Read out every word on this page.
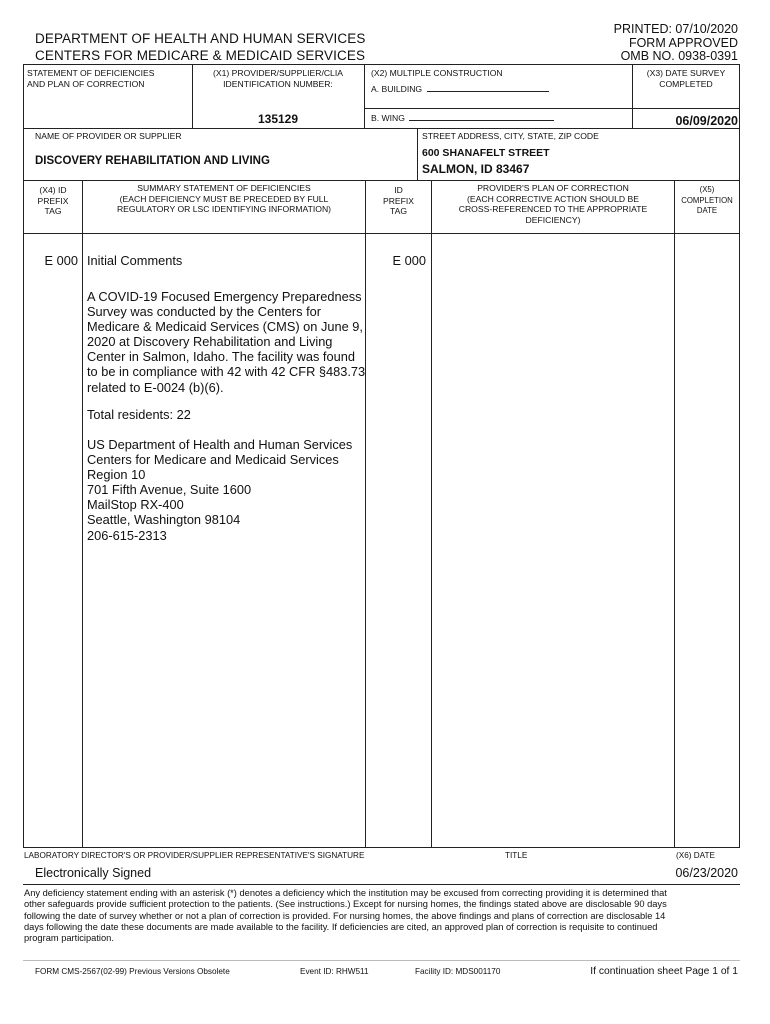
PRINTED: 07/10/2020
FORM APPROVED
OMB NO. 0938-0391
DEPARTMENT OF HEALTH AND HUMAN SERVICES
CENTERS FOR MEDICARE & MEDICAID SERVICES
STATEMENT OF DEFICIENCIES
AND PLAN OF CORRECTION
(X1) PROVIDER/SUPPLIER/CLIA
IDENTIFICATION NUMBER:
135129
(X2) MULTIPLE CONSTRUCTION
A. BUILDING
B. WING
(X3) DATE SURVEY
COMPLETED
06/09/2020
NAME OF PROVIDER OR SUPPLIER
DISCOVERY REHABILITATION AND LIVING
STREET ADDRESS, CITY, STATE, ZIP CODE
600 SHANAFELT STREET
SALMON, ID 83467
(X4) ID
PREFIX
TAG
SUMMARY STATEMENT OF DEFICIENCIES
(EACH DEFICIENCY MUST BE PRECEDED BY FULL
REGULATORY OR LSC IDENTIFYING INFORMATION)
ID
PREFIX
TAG
PROVIDER'S PLAN OF CORRECTION
(EACH CORRECTIVE ACTION SHOULD BE
CROSS-REFERENCED TO THE APPROPRIATE
DEFICIENCY)
(X5)
COMPLETION
DATE
E 000	E 000
Initial Comments
A COVID-19 Focused Emergency Preparedness
Survey was conducted by the Centers for
Medicare & Medicaid Services (CMS) on June 9,
2020 at Discovery Rehabilitation and Living
Center in Salmon, Idaho. The facility was found
to be in compliance with 42 with 42 CFR §483.73
related to E-0024 (b)(6).
Total residents: 22
US Department of Health and Human Services
Centers for Medicare and Medicaid Services
Region 10
701 Fifth Avenue, Suite 1600
MailStop RX-400
Seattle, Washington 98104
206-615-2313
LABORATORY DIRECTOR'S OR PROVIDER/SUPPLIER REPRESENTATIVE'S SIGNATURE	TITLE	(X6) DATE
Electronically Signed	06/23/2020
Any deficiency statement ending with an asterisk (*) denotes a deficiency which the institution may be excused from correcting providing it is determined that
other safeguards provide sufficient protection to the patients. (See instructions.) Except for nursing homes, the findings stated above are disclosable 90 days
following the date of survey whether or not a plan of correction is provided. For nursing homes, the above findings and plans of correction are disclosable 14
days following the date these documents are made available to the facility. If deficiencies are cited, an approved plan of correction is requisite to continued
program participation.
FORM CMS-2567(02-99) Previous Versions Obsolete	Event ID: RHW511	Facility ID: MDS001170	If continuation sheet Page 1 of 1
